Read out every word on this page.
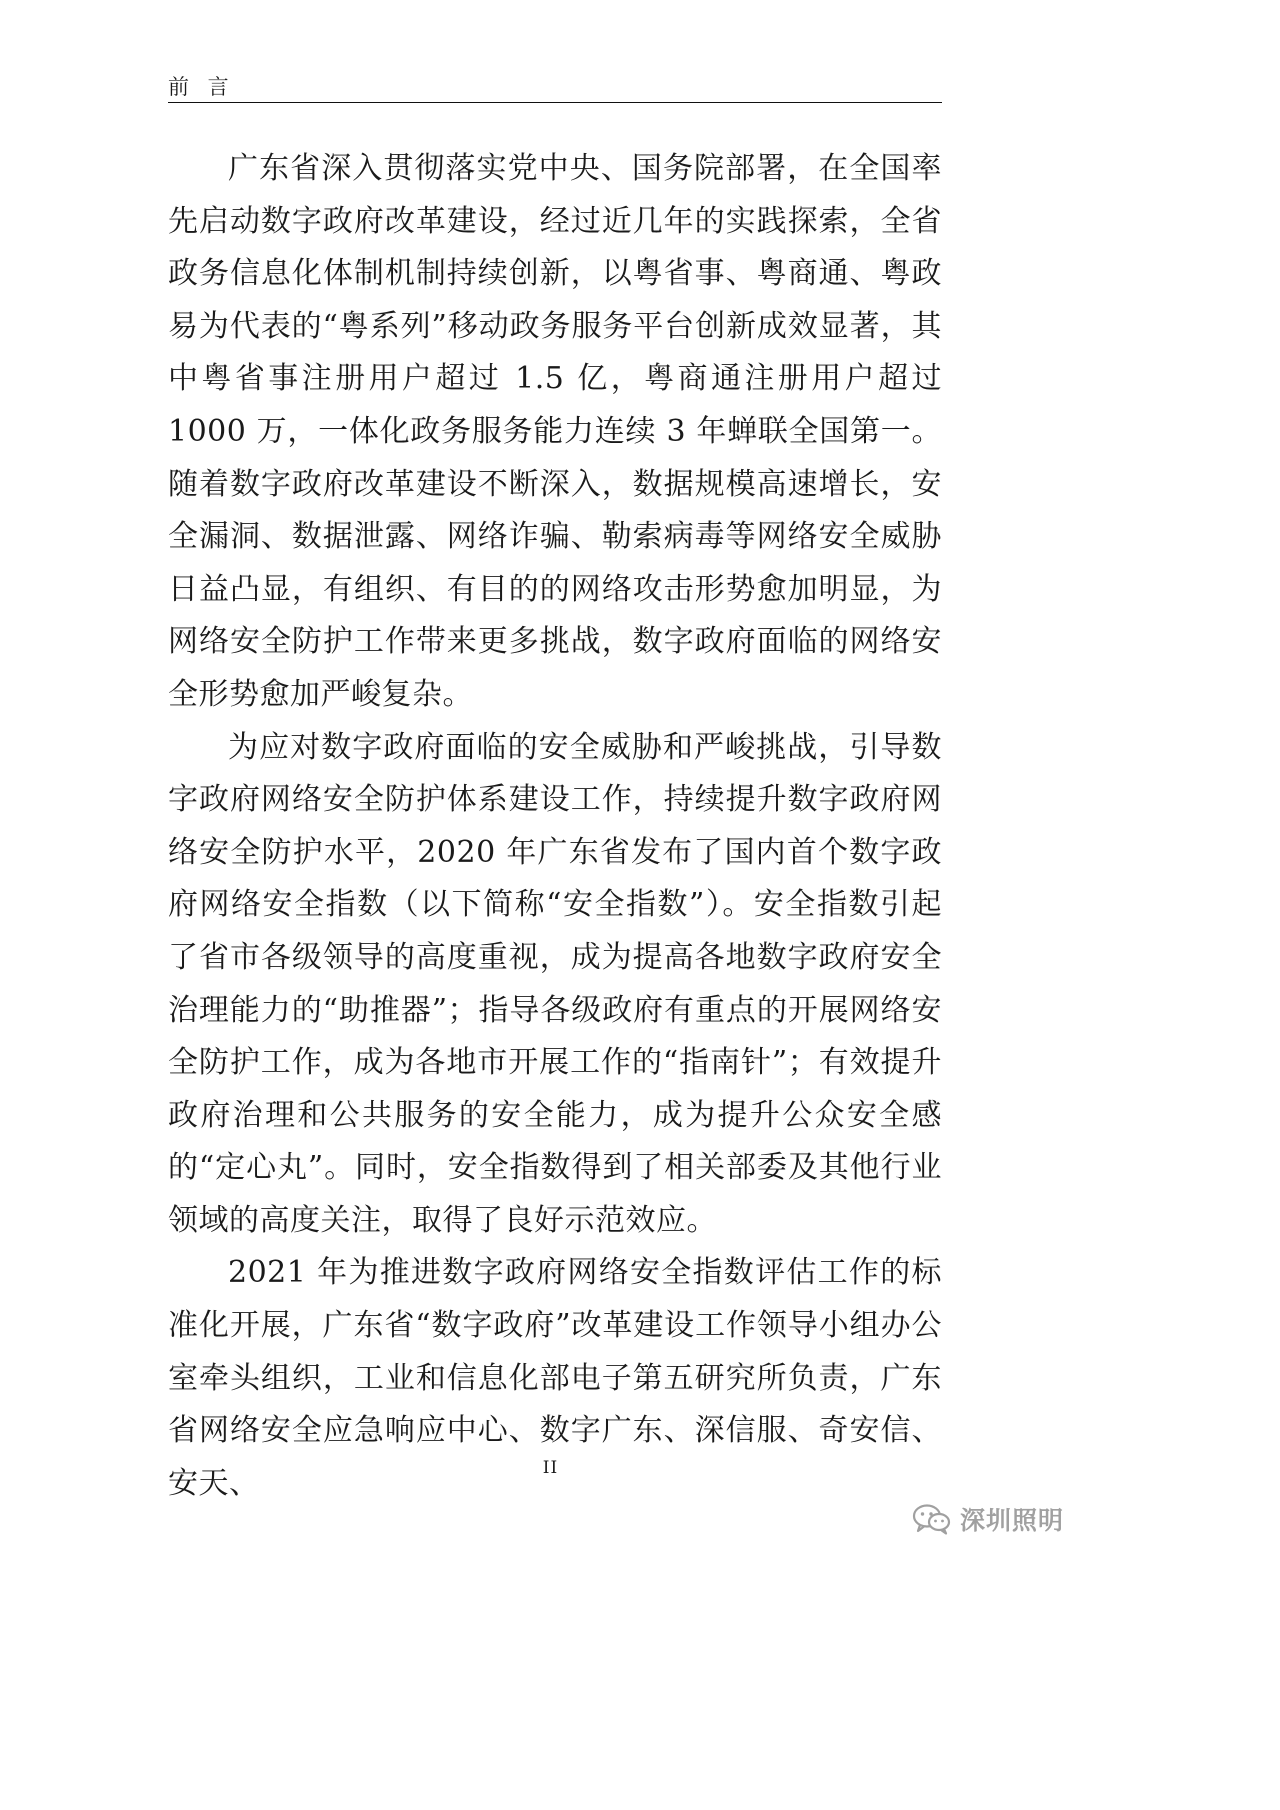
前 言

广东省深入贯彻落实党中央、国务院部署，在全国率先启动数字政府改革建设，经过近几年的实践探索，全省政务信息化体制机制持续创新，以粤省事、粤商通、粤政易为代表的“粤系列”移动政务服务平台创新成效显著，其中粤省事注册用户超过 1.5 亿，粤商通注册用户超过 1000 万，一体化政务服务能力连续 3 年蝉联全国第一。随着数字政府改革建设不断深入，数据规模高速增长，安全漏洞、数据泄露、网络诈骗、勒索病毒等网络安全威胁日益凸显，有组织、有目的的网络攻击形势愈加明显，为网络安全防护工作带来更多挑战，数字政府面临的网络安全形势愈加严峻复杂。

为应对数字政府面临的安全威胁和严峻挑战，引导数字政府网络安全防护体系建设工作，持续提升数字政府网络安全防护水平，2020 年广东省发布了国内首个数字政府网络安全指数（以下简称“安全指数”）。安全指数引起了省市各级领导的高度重视，成为提高各地数字政府安全治理能力的“助推器”；指导各级政府有重点的开展网络安全防护工作，成为各地市开展工作的“指南针”；有效提升政府治理和公共服务的安全能力，成为提升公众安全感的“定心丸”。同时，安全指数得到了相关部委及其他行业领域的高度关注，取得了良好示范效应。

2021 年为推进数字政府网络安全指数评估工作的标准化开展，广东省“数字政府”改革建设工作领导小组办公室牵头组织，工业和信息化部电子第五研究所负责，广东省网络安全应急响应中心、数字广东、深信服、奇安信、安天、	II
深圳照明
